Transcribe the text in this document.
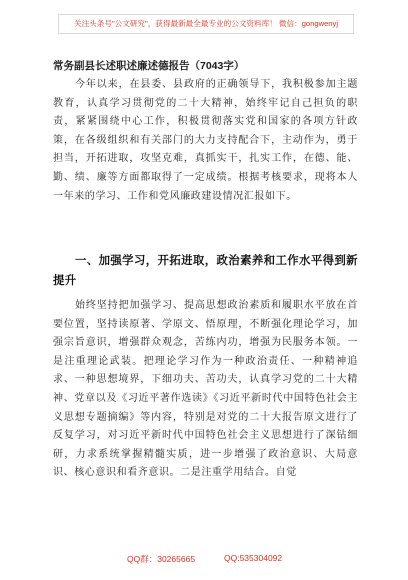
关注头条号"公文研究"，获得最新最全最专业的公文资料库！ 微信：gongwenyj
常务副县长述职述廉述德报告（7043字）

今年以来，在县委、县政府的正确领导下，我积极参加主题教育，认真学习贯彻党的二十大精神，始终牢记自己担负的职责，紧紧围绕中心工作，积极贯彻落实党和国家的各项方针政策，在各级组织和有关部门的大力支持配合下，主动作为，勇于担当，开拓进取，攻坚克难，真抓实干，扎实工作，在德、能、勤、绩、廉等方面都取得了一定成绩。根据考核要求，现将本人一年来的学习、工作和党风廉政建设情况汇报如下。

一、加强学习，开拓进取，政治素养和工作水平得到新提升

始终坚持把加强学习、提高思想政治素质和履职水平放在首要位置，坚持读原著、学原文、悟原理，不断强化理论学习，加强宗旨意识，增强群众观念，苦练内功，增强为民服务本领。一是注重理论武装。把理论学习作为一种政治责任、一种精神追求、一种思想境界，下细功夫、苦功夫，认真学习党的二十大精神、党章以及《习近平著作选读》《习近平新时代中国特色社会主义思想专题摘编》等内容，特别是对党的二十大报告原文进行了反复学习，对习近平新时代中国特色社会主义思想进行了深钻细研，力求系统掌握精髓实质，进一步增强了政治意识、大局意识、核心意识和看齐意识。二是注重学用结合。自觉

QQ群：30265665	QQ:535304092
